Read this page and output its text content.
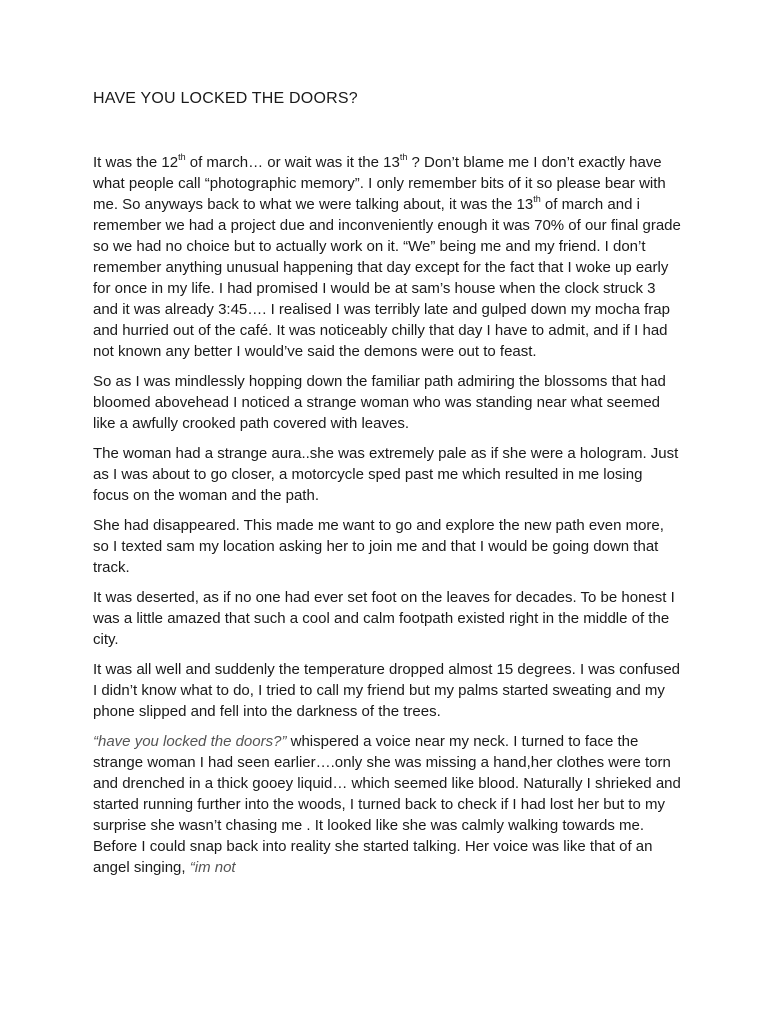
HAVE YOU LOCKED THE DOORS?

It was the 12th of march… or wait was it the 13th ? Don’t blame me I don’t exactly have what people call “photographic memory”. I only remember bits of it so please bear with me. So anyways back to what we were talking about, it was the 13th of march and i remember we had a project due and inconveniently enough it was 70% of our final grade so we had no choice but to actually work on it. “We” being me and my friend. I don’t remember anything unusual happening that day except for the fact that I woke up early for once in my life. I had promised I would be at sam’s house when the clock struck 3 and it was already 3:45…. I realised I was terribly late and gulped down my mocha frap and hurried out of the café. It was noticeably chilly that day I have to admit, and if I had not known any better I would’ve said the demons were out to feast.

So as I was mindlessly hopping down the familiar path admiring the blossoms that had bloomed abovehead I noticed a strange woman who was standing near what seemed like a awfully crooked path covered with leaves.

The woman had a strange aura..she was extremely pale as if she were a hologram. Just as I was about to go closer, a motorcycle sped past me which resulted in me losing focus on the woman and the path.

She had disappeared. This made me want to go and explore the new path even more, so I texted sam my location asking her to join me and that I would be going down that track.

It was deserted, as if no one had ever set foot on the leaves for decades. To be honest I was a little amazed that such a cool and calm footpath existed right in the middle of the city.

It was all well and suddenly the temperature dropped almost 15 degrees. I was confused I didn’t know what to do, I tried to call my friend but my palms started sweating and my phone slipped and fell into the darkness of the trees.

“have you locked the doors?” whispered a voice near my neck. I turned to face the strange woman I had seen earlier….only she was missing a hand,her clothes were torn and drenched in a thick gooey liquid… which seemed like blood. Naturally I shrieked and started running further into the woods, I turned back to check if I had lost her but to my surprise she wasn’t chasing me . It looked like she was calmly walking towards me. Before I could snap back into reality she started talking. Her voice was like that of an angel singing, “im not
